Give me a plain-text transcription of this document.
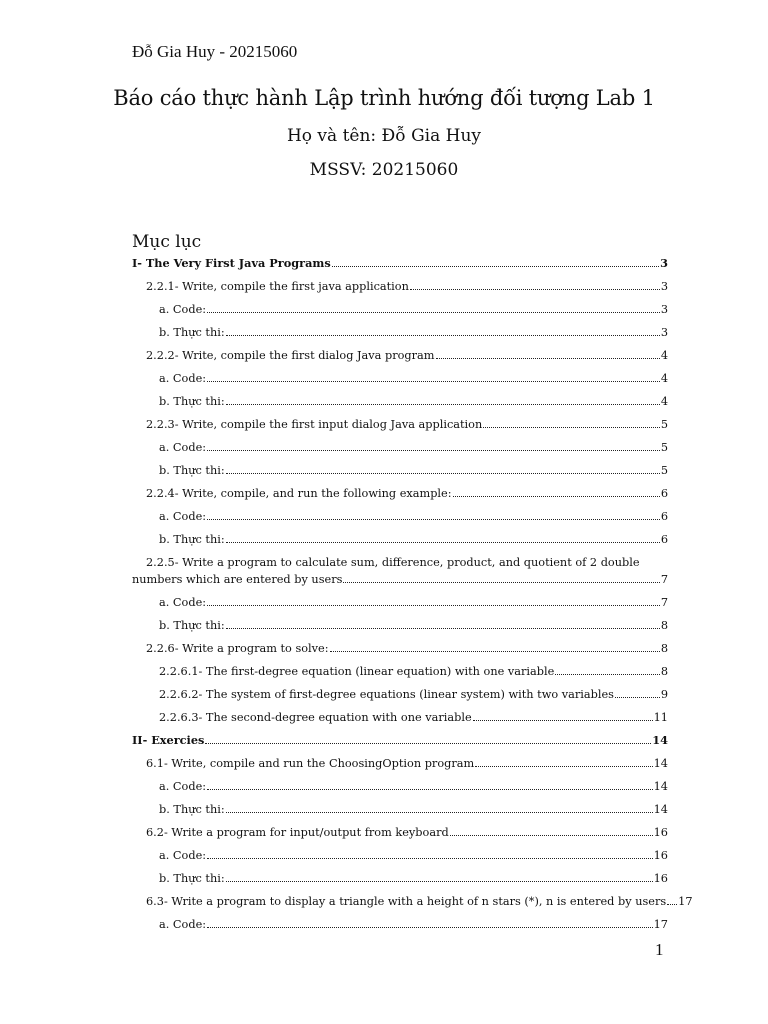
Đỗ Gia Huy - 20215060
Báo cáo thực hành Lập trình hướng đối tượng Lab 1
Họ và tên: Đỗ Gia Huy
MSSV: 20215060
Mục lục
I- The Very First Java Programs	3
2.2.1- Write, compile the first java application	3
a. Code:	3
b. Thực thi:	3
2.2.2- Write, compile the first dialog Java program	4
a. Code:	4
b. Thực thi:	4
2.2.3- Write, compile the first input dialog Java application	5
a. Code:	5
b. Thực thi:	5
2.2.4- Write, compile, and run the following example:	6
a. Code:	6
b. Thực thi:	6
2.2.5- Write a program to calculate sum, difference, product, and quotient of 2 double
numbers which are entered by users	7
a. Code:	7
b. Thực thi:	8
2.2.6- Write a program to solve:	8
2.2.6.1- The first-degree equation (linear equation) with one variable	8
2.2.6.2- The system of first-degree equations (linear system) with two variables	9
2.2.6.3- The second-degree equation with one variable	11
II- Exercies	14
6.1- Write, compile and run the ChoosingOption program	14
a. Code:	14
b. Thực thi:	14
6.2- Write a program for input/output from keyboard	16
a. Code:	16
b. Thực thi:	16
6.3- Write a program to display a triangle with a height of n stars (*), n is entered by users 17
a. Code:	17
1
